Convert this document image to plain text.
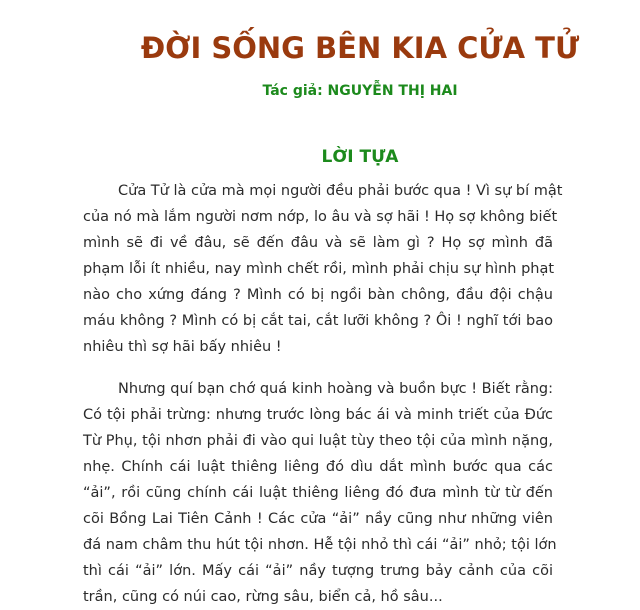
ĐỜI SỐNG BÊN KIA CỬA TỬ
Tác giả: NGUYỄN THỊ HAI
LỜI TỰA
Cửa Tử là cửa mà mọi người đều phải bước qua ! Vì sự bí mật
của nó mà lắm người nơm nớp, lo âu và sợ hãi ! Họ sợ không biết
mình sẽ đi về đâu, sẽ đến đâu và sẽ làm gì ? Họ sợ mình đã
phạm lỗi ít nhiều, nay mình chết rồi, mình phải chịu sự hình phạt
nào cho xứng đáng ? Mình có bị ngồi bàn chông, đầu đội chậu
máu không ? Mình có bị cắt tai, cắt lưỡi không ? Ôi ! nghĩ tới bao
nhiêu thì sợ hãi bấy nhiêu !
Nhưng quí bạn chớ quá kinh hoàng và buồn bực ! Biết rằng:
Có tội phải trừng: nhưng trước lòng bác ái và minh triết của Đức
Từ Phụ, tội nhơn phải đi vào qui luật tùy theo tội của mình nặng,
nhẹ. Chính cái luật thiêng liêng đó dìu dắt mình bước qua các
“ải”, rồi cũng chính cái luật thiêng liêng đó đưa mình từ từ đến
cõi Bồng Lai Tiên Cảnh ! Các cửa “ải” nầy cũng như những viên
đá nam châm thu hút tội nhơn. Hễ tội nhỏ thì cái “ải” nhỏ; tội lớn
thì cái “ải” lớn. Mấy cái “ải” nầy tượng trưng bảy cảnh của cõi
trần, cũng có núi cao, rừng sâu, biển cả, hồ sâu...
